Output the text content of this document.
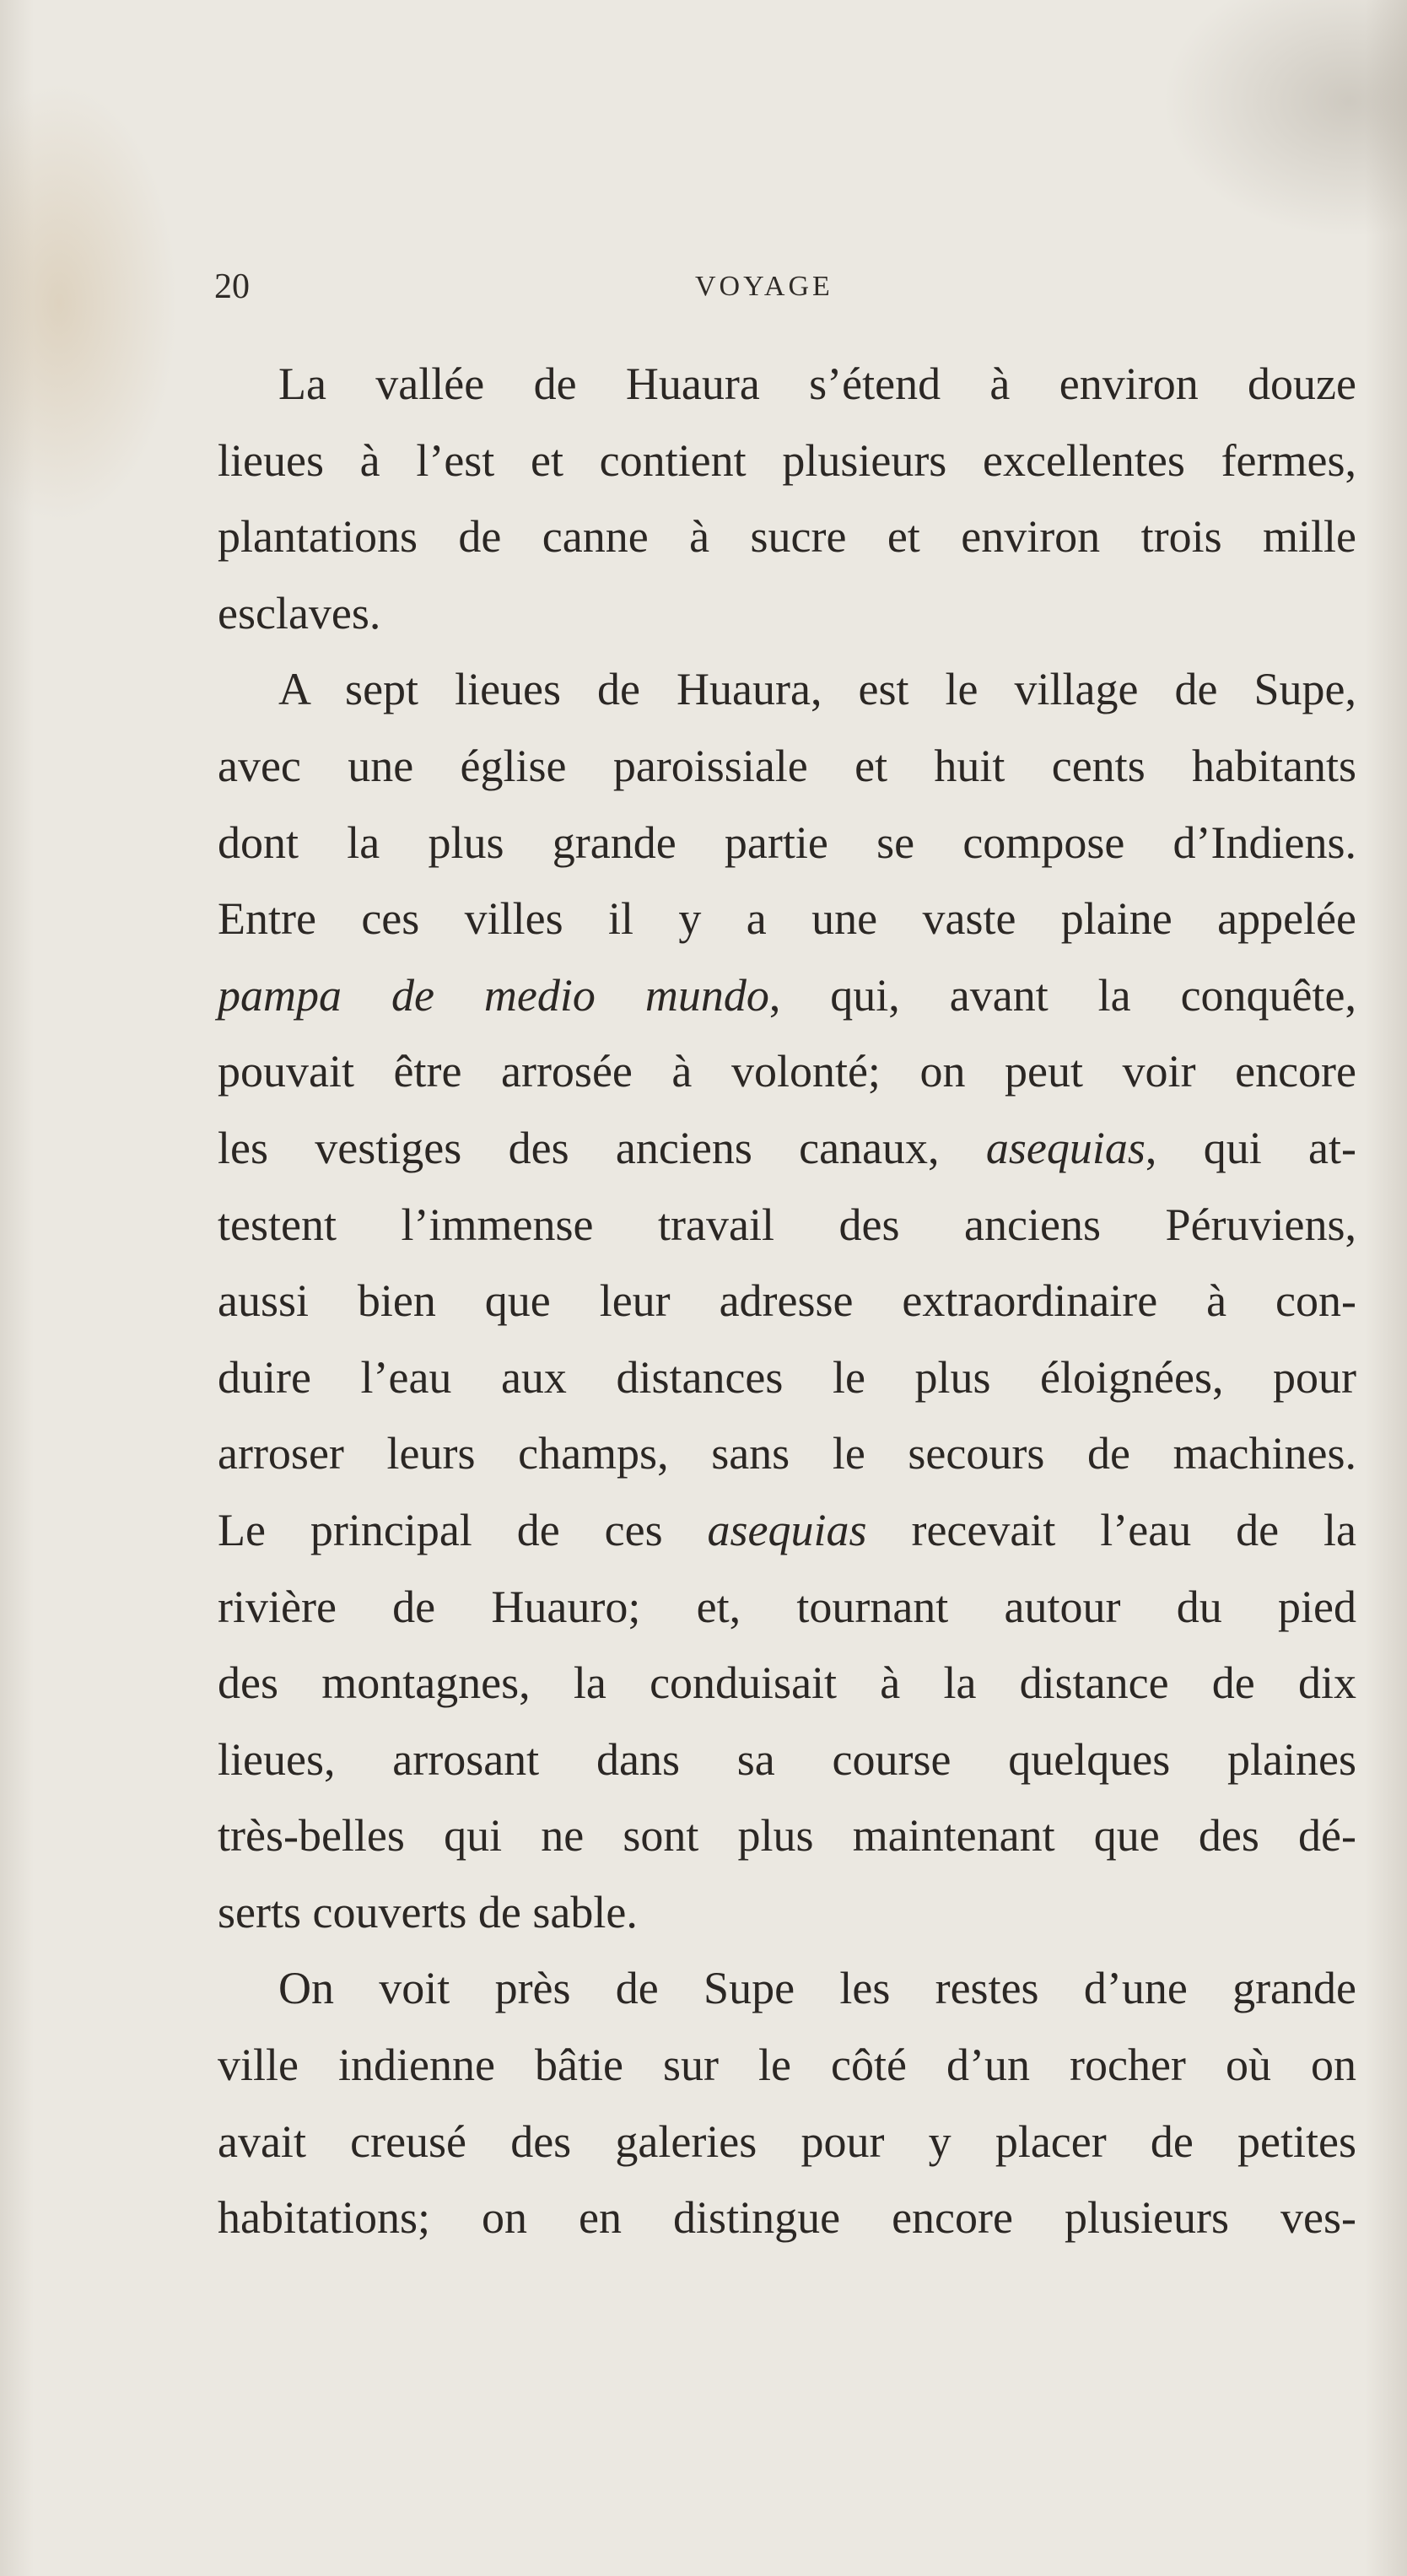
20	VOYAGE
La vallée de Huaura s’étend à environ douze
lieues à l’est et contient plusieurs excellentes fermes,
plantations de canne à sucre et environ trois mille
esclaves.
A sept lieues de Huaura, est le village de Supe,
avec une église paroissiale et huit cents habitants
dont la plus grande partie se compose d’Indiens.
Entre ces villes il y a une vaste plaine appelée
pampa de medio mundo, qui, avant la conquête,
pouvait être arrosée à volonté; on peut voir encore
les vestiges des anciens canaux, asequias, qui at-
testent l’immense travail des anciens Péruviens,
aussi bien que leur adresse extraordinaire à con-
duire l’eau aux distances le plus éloignées, pour
arroser leurs champs, sans le secours de machines.
Le principal de ces asequias recevait l’eau de la
rivière de Huauro; et, tournant autour du pied
des montagnes, la conduisait à la distance de dix
lieues, arrosant dans sa course quelques plaines
très-belles qui ne sont plus maintenant que des dé-
serts couverts de sable.
On voit près de Supe les restes d’une grande
ville indienne bâtie sur le côté d’un rocher où on
avait creusé des galeries pour y placer de petites
habitations; on en distingue encore plusieurs ves-
